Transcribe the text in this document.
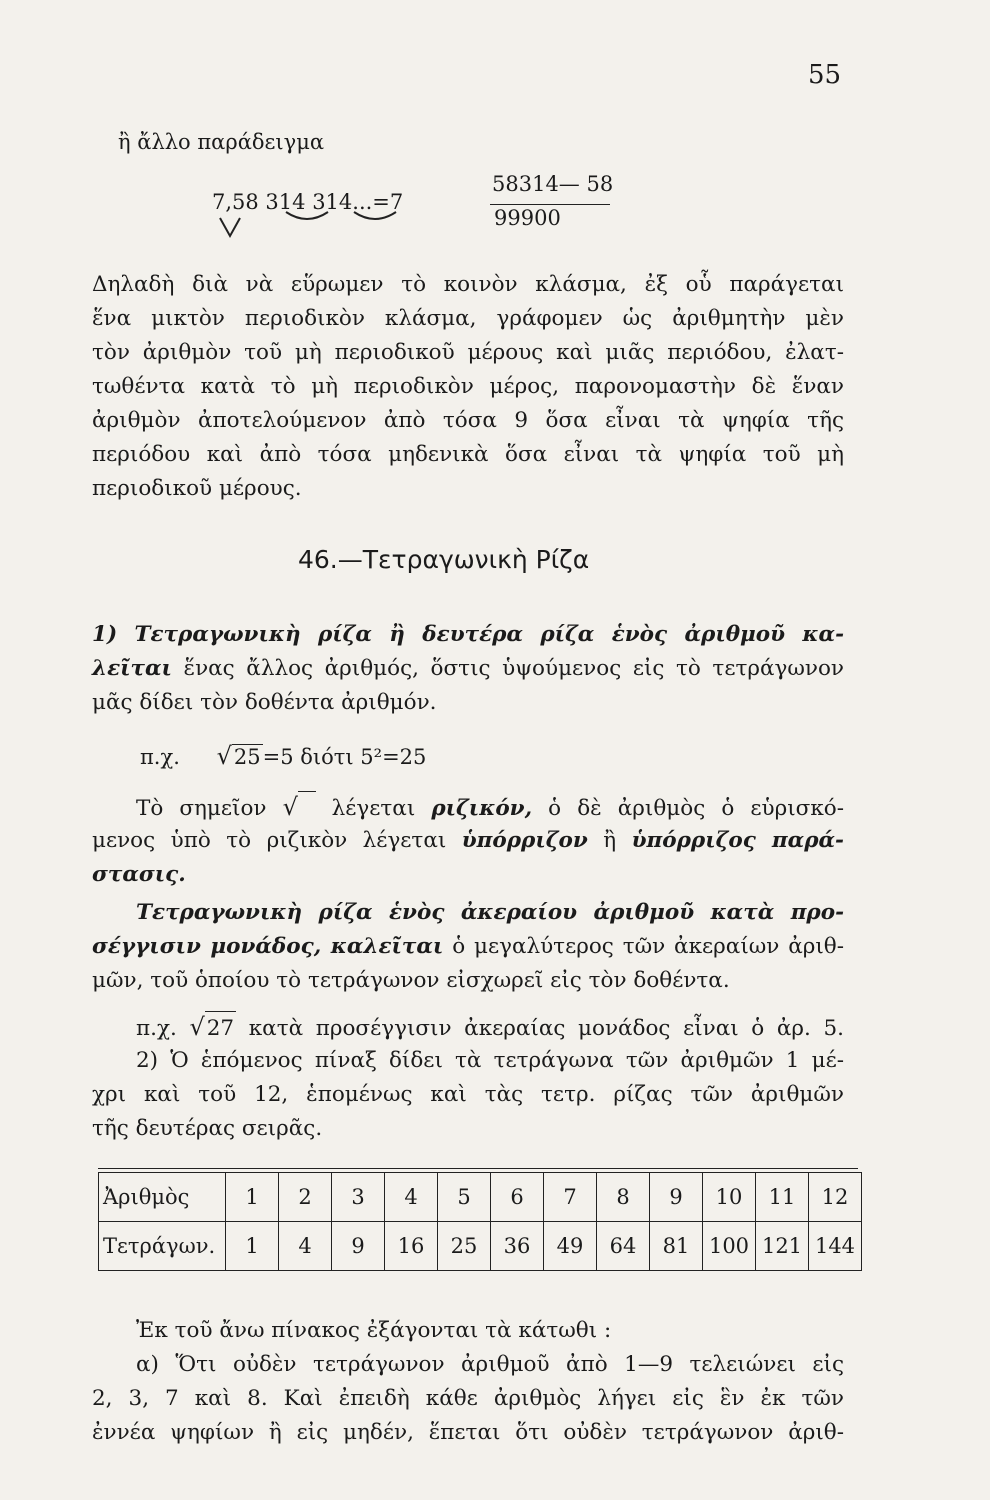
55
ἢ ἄλλο παράδειγμα
7,58 314 314...=7
58314— 58
99900
Δηλαδὴ διὰ νὰ εὕρωμεν τὸ κοινὸν κλάσμα, ἐξ οὗ παράγεται
ἕνα μικτὸν περιοδικὸν κλάσμα, γράφομεν ὡς ἀριθμητὴν μὲν
τὸν ἀριθμὸν τοῦ μὴ περιοδικοῦ μέρους καὶ μιᾶς περιόδου, ἐλατ-
τωθέντα κατὰ τὸ μὴ περιοδικὸν μέρος, παρονομαστὴν δὲ ἕναν
ἀριθμὸν ἀποτελούμενον ἀπὸ τόσα 9 ὅσα εἶναι τὰ ψηφία τῆς
περιόδου καὶ ἀπὸ τόσα μηδενικὰ ὅσα εἶναι τὰ ψηφία τοῦ μὴ
περιοδικοῦ μέρους.
46.—Τετραγωνικὴ Ρίζα
1) Τετραγωνικὴ ρίζα ἢ δευτέρα ρίζα ἑνὸς ἀριθμοῦ κα-
λεῖται ἕνας ἄλλος ἀριθμός, ὅστις ὑψούμενος εἰς τὸ τετράγωνον
μᾶς δίδει τὸν δοθέντα ἀριθμόν.
π.χ. √25=5 διότι 5²=25
Τὸ σημεῖον √ λέγεται ριζικόν, ὁ δὲ ἀριθμὸς ὁ εὑρισκό-
μενος ὑπὸ τὸ ριζικὸν λέγεται ὑπόρριζον ἢ ὑπόρριζος παρά-
στασις.
Τετραγωνικὴ ρίζα ἑνὸς ἀκεραίου ἀριθμοῦ κατὰ προ-
σέγγισιν μονάδος, καλεῖται ὁ μεγαλύτερος τῶν ἀκεραίων ἀριθ-
μῶν, τοῦ ὁποίου τὸ τετράγωνον εἰσχωρεῖ εἰς τὸν δοθέντα.
π.χ. √27 κατὰ προσέγγισιν ἀκεραίας μονάδος εἶναι ὁ ἀρ. 5.
2) Ὁ ἑπόμενος πίναξ δίδει τὰ τετράγωνα τῶν ἀριθμῶν 1 μέ-
χρι καὶ τοῦ 12, ἑπομένως καὶ τὰς τετρ. ρίζας τῶν ἀριθμῶν
τῆς δευτέρας σειρᾶς.
Ἀριθμὸς	1	2	3	4	5	6	7	8	9	10	11	12
Τετράγων.	1	4	9	16	25	36	49	64	81	100	121	144
Ἐκ τοῦ ἄνω πίνακος ἐξάγονται τὰ κάτωθι :
α) Ὅτι οὐδὲν τετράγωνον ἀριθμοῦ ἀπὸ 1—9 τελειώνει εἰς
2, 3, 7 καὶ 8. Καὶ ἐπειδὴ κάθε ἀριθμὸς λήγει εἰς ἓν ἐκ τῶν
ἐννέα ψηφίων ἢ εἰς μηδέν, ἕπεται ὅτι οὐδὲν τετράγωνον ἀριθ-
